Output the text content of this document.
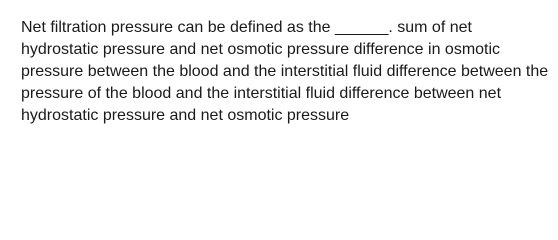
Net filtration pressure can be defined as the ______. sum of net hydrostatic pressure and net osmotic pressure difference in osmotic pressure between the blood and the interstitial fluid difference between the pressure of the blood and the interstitial fluid difference between net hydrostatic pressure and net osmotic pressure
